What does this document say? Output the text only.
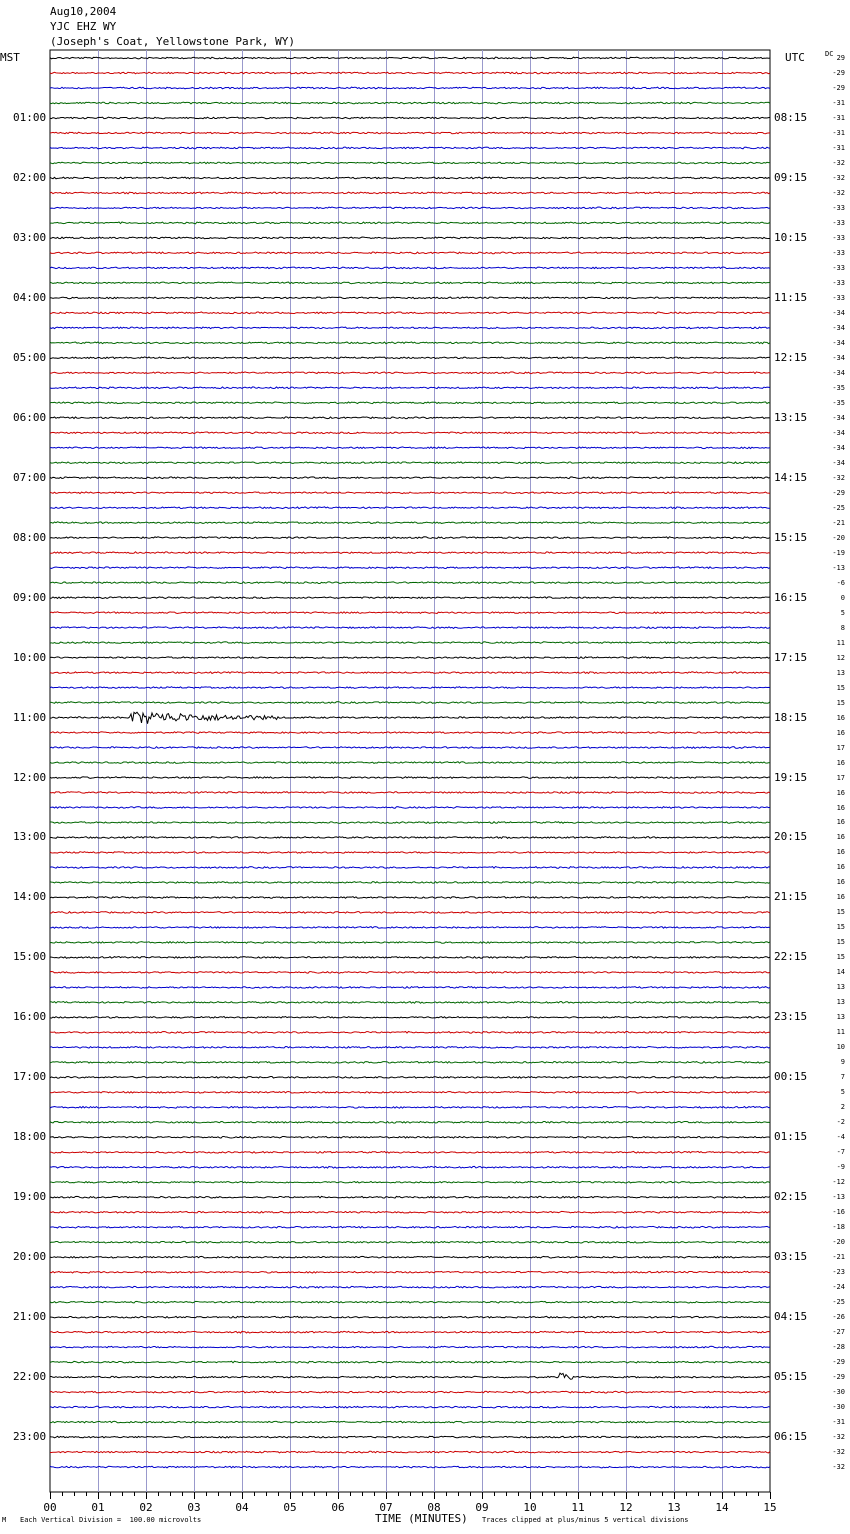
Aug10,2004
YJC EHZ WY
(Joseph's Coat, Yellowstone Park, WY)
MST	UTC
00	01	02	03	04	05	06	07	08	09	10	11	12	13	14	15
01:00
02:00
03:00
04:00
05:00
06:00
07:00
08:00
09:00
10:00
11:00
12:00
13:00
14:00
15:00
16:00
17:00
18:00
19:00
20:00
21:00
22:00
23:00
08:15
09:15
10:15
11:15
12:15
13:15
14:15
15:15
16:15
17:15
18:15
19:15
20:15
21:15
22:15
23:15
00:15
01:15
02:15
03:15
04:15
05:15
06:15
DC 29
-29
-29
-31
-31
-31
-31
-32
-32
-32
-33
-33
-33
-33
-33
-33
-33
-34
-34
-34
-34
-34
-35
-35
-34
-34
-34
-34
-32
-29
-25
-21
-20
-19
-13
-6
0
5
8
11
12
13
15
15
16
16
17
16
17
16
16
16
16
16
16
16
16
15
15
15
15
14
13
13
13
11
10
9
7
5
2
-2
-4
-7
-9
-12
-13
-16
-18
-20
-21
-23
-24
-25
-26
-27
-28
-29
-29
-30
-30
-31
-32
-32
-32
M Each Vertical Division =  100.00 microvolts	TIME (MINUTES) Traces clipped at plus/minus 5 vertical divisions
